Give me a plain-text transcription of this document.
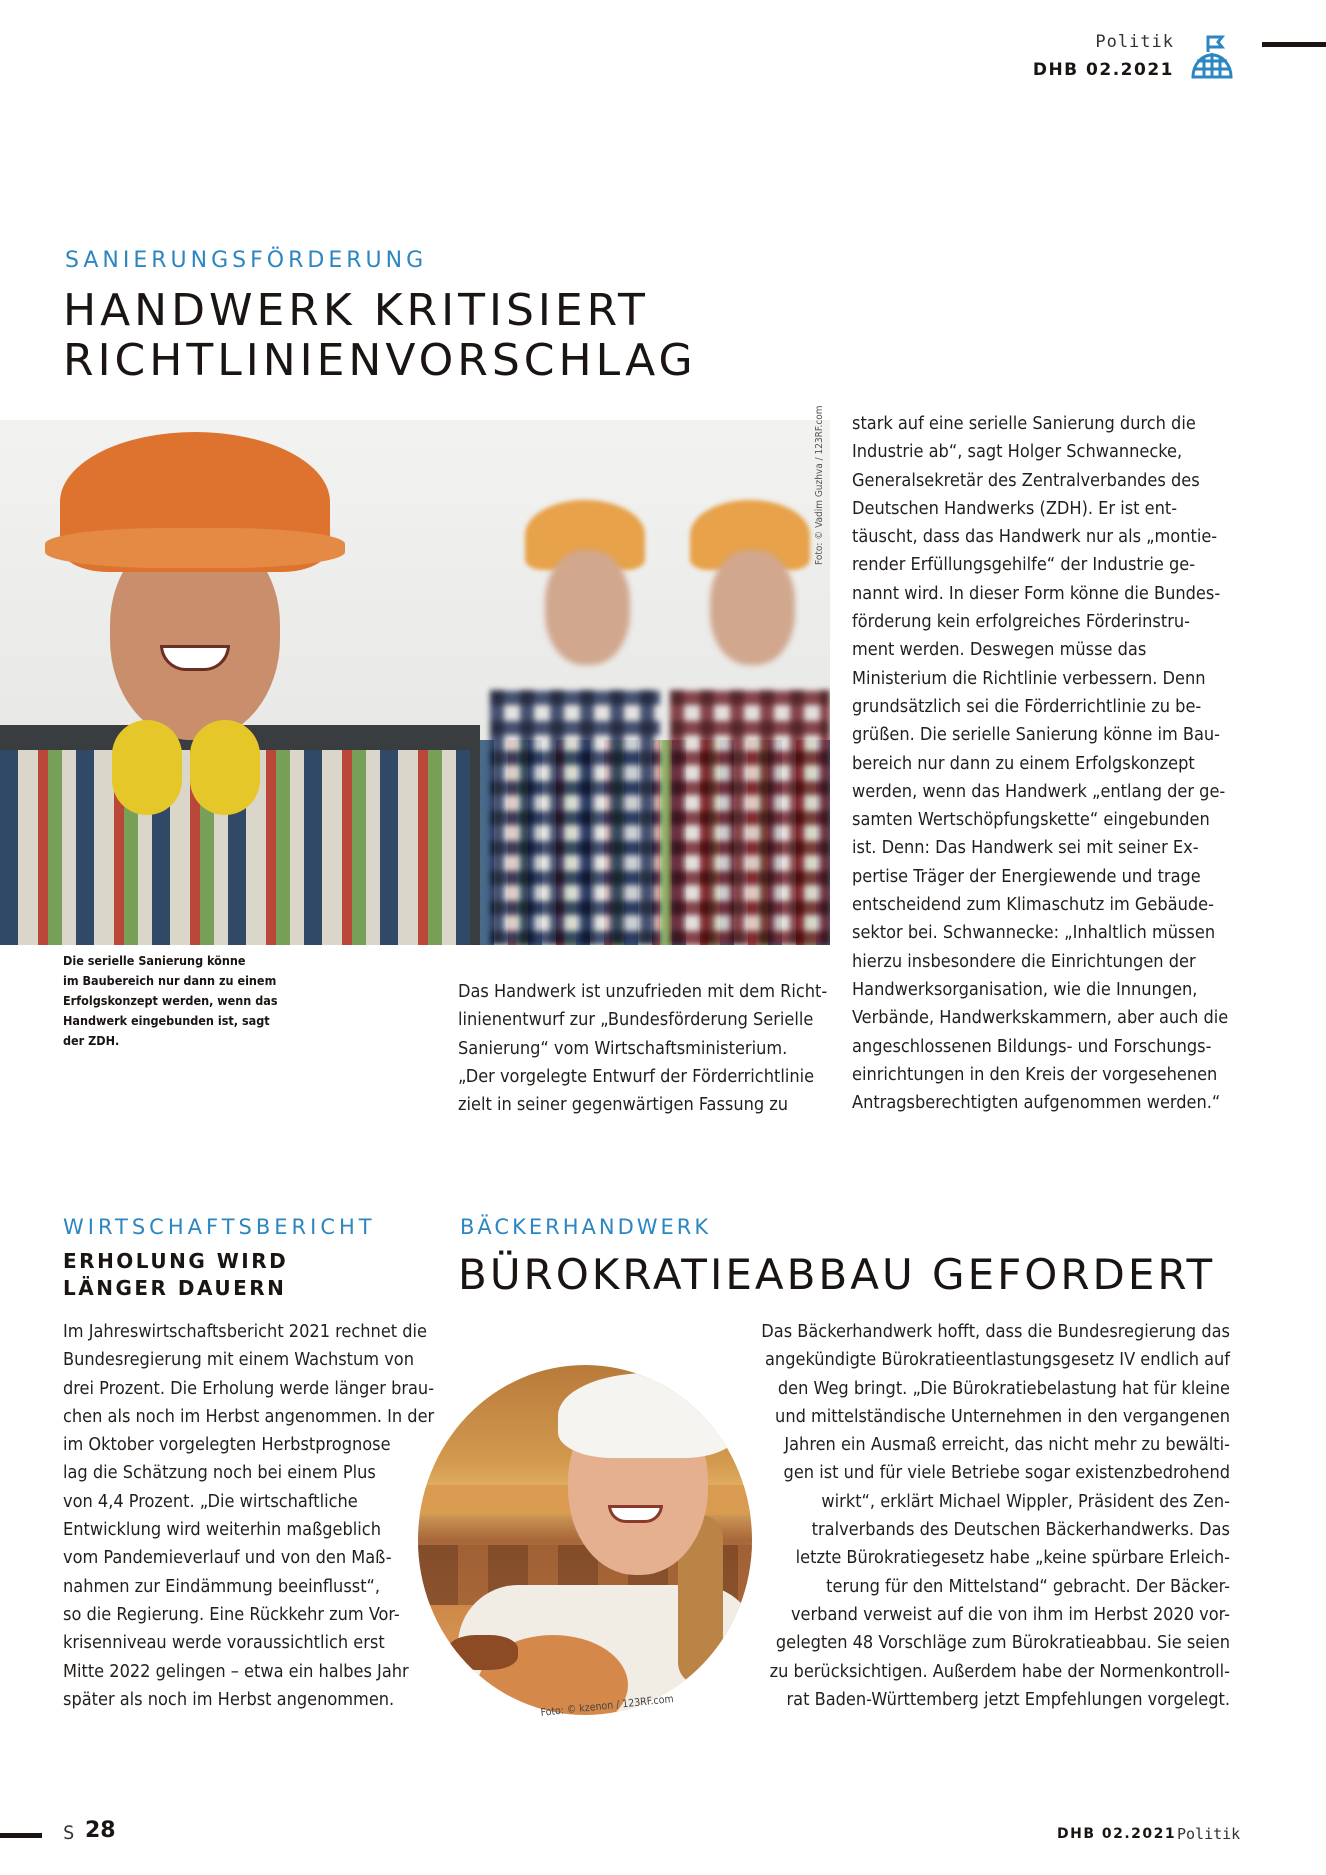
Politik
DHB 02.2021
SANIERUNGSFÖRDERUNG
HANDWERK KRITISIERT
RICHTLINIENVORSCHLAG
Foto: © Vadim Guzhva / 123RF.com
Die serielle Sanierung könne
im Baubereich nur dann zu einem
Erfolgskonzept werden, wenn das
Handwerk eingebunden ist, sagt
der ZDH.
Das Handwerk ist unzufrieden mit dem Richt-
linienentwurf zur „Bundesförderung Serielle
Sanierung“ vom Wirtschaftsministerium.
„Der vorgelegte Entwurf der Förderrichtlinie
zielt in seiner gegenwärtigen Fassung zu
stark auf eine serielle Sanierung durch die
Industrie ab“, sagt Holger Schwannecke,
Generalsekretär des Zentralverbandes des
Deutschen Handwerks (ZDH). Er ist ent-
täuscht, dass das Handwerk nur als „montie-
render Erfüllungsgehilfe“ der Industrie ge-
nannt wird. In dieser Form könne die Bundes-
förderung kein erfolgreiches Förderinstru-
ment werden. Deswegen müsse das
Ministerium die Richtlinie verbessern. Denn
grundsätzlich sei die Förderrichtlinie zu be-
grüßen. Die serielle Sanierung könne im Bau-
bereich nur dann zu einem Erfolgskonzept
werden, wenn das Handwerk „entlang der ge-
samten Wertschöpfungskette“ eingebunden
ist. Denn: Das Handwerk sei mit seiner Ex-
pertise Träger der Energiewende und trage
entscheidend zum Klimaschutz im Gebäude-
sektor bei. Schwannecke: „Inhaltlich müssen
hierzu insbesondere die Einrichtungen der
Handwerksorganisation, wie die Innungen,
Verbände, Handwerkskammern, aber auch die
angeschlossenen Bildungs- und Forschungs-
einrichtungen in den Kreis der vorgesehenen
Antragsberechtigten aufgenommen werden.“
WIRTSCHAFTSBERICHT
ERHOLUNG WIRD
LÄNGER DAUERN
Im Jahreswirtschaftsbericht 2021 rechnet die
Bundesregierung mit einem Wachstum von
drei Prozent. Die Erholung werde länger brau-
chen als noch im Herbst angenommen. In der
im Oktober vorgelegten Herbstprognose
lag die Schätzung noch bei einem Plus
von 4,4 Prozent. „Die wirtschaftliche
Entwicklung wird weiterhin maßgeblich
vom Pandemieverlauf und von den Maß-
nahmen zur Eindämmung beeinflusst“,
so die Regierung. Eine Rückkehr zum Vor-
krisenniveau werde voraussichtlich erst
Mitte 2022 gelingen – etwa ein halbes Jahr
später als noch im Herbst angenommen.
BÄCKERHANDWERK
BÜROKRATIEABBAU GEFORDERT
Foto: © kzenon / 123RF.com
Das Bäckerhandwerk hofft, dass die Bundesregierung das
angekündigte Bürokratieentlastungsgesetz IV endlich auf
den Weg bringt. „Die Bürokratiebelastung hat für kleine
und mittelständische Unternehmen in den vergangenen
Jahren ein Ausmaß erreicht, das nicht mehr zu bewälti-
gen ist und für viele Betriebe sogar existenzbedrohend
wirkt“, erklärt Michael Wippler, Präsident des Zen-
tralverbands des Deutschen Bäckerhandwerks. Das
letzte Bürokratiegesetz habe „keine spürbare Erleich-
terung für den Mittelstand“ gebracht. Der Bäcker-
verband verweist auf die von ihm im Herbst 2020 vor-
gelegten 48 Vorschläge zum Bürokratieabbau. Sie seien
zu berücksichtigen. Außerdem habe der Normenkontroll-
rat Baden-Württemberg jetzt Empfehlungen vorgelegt.
S 28	DHB 02.2021 Politik
